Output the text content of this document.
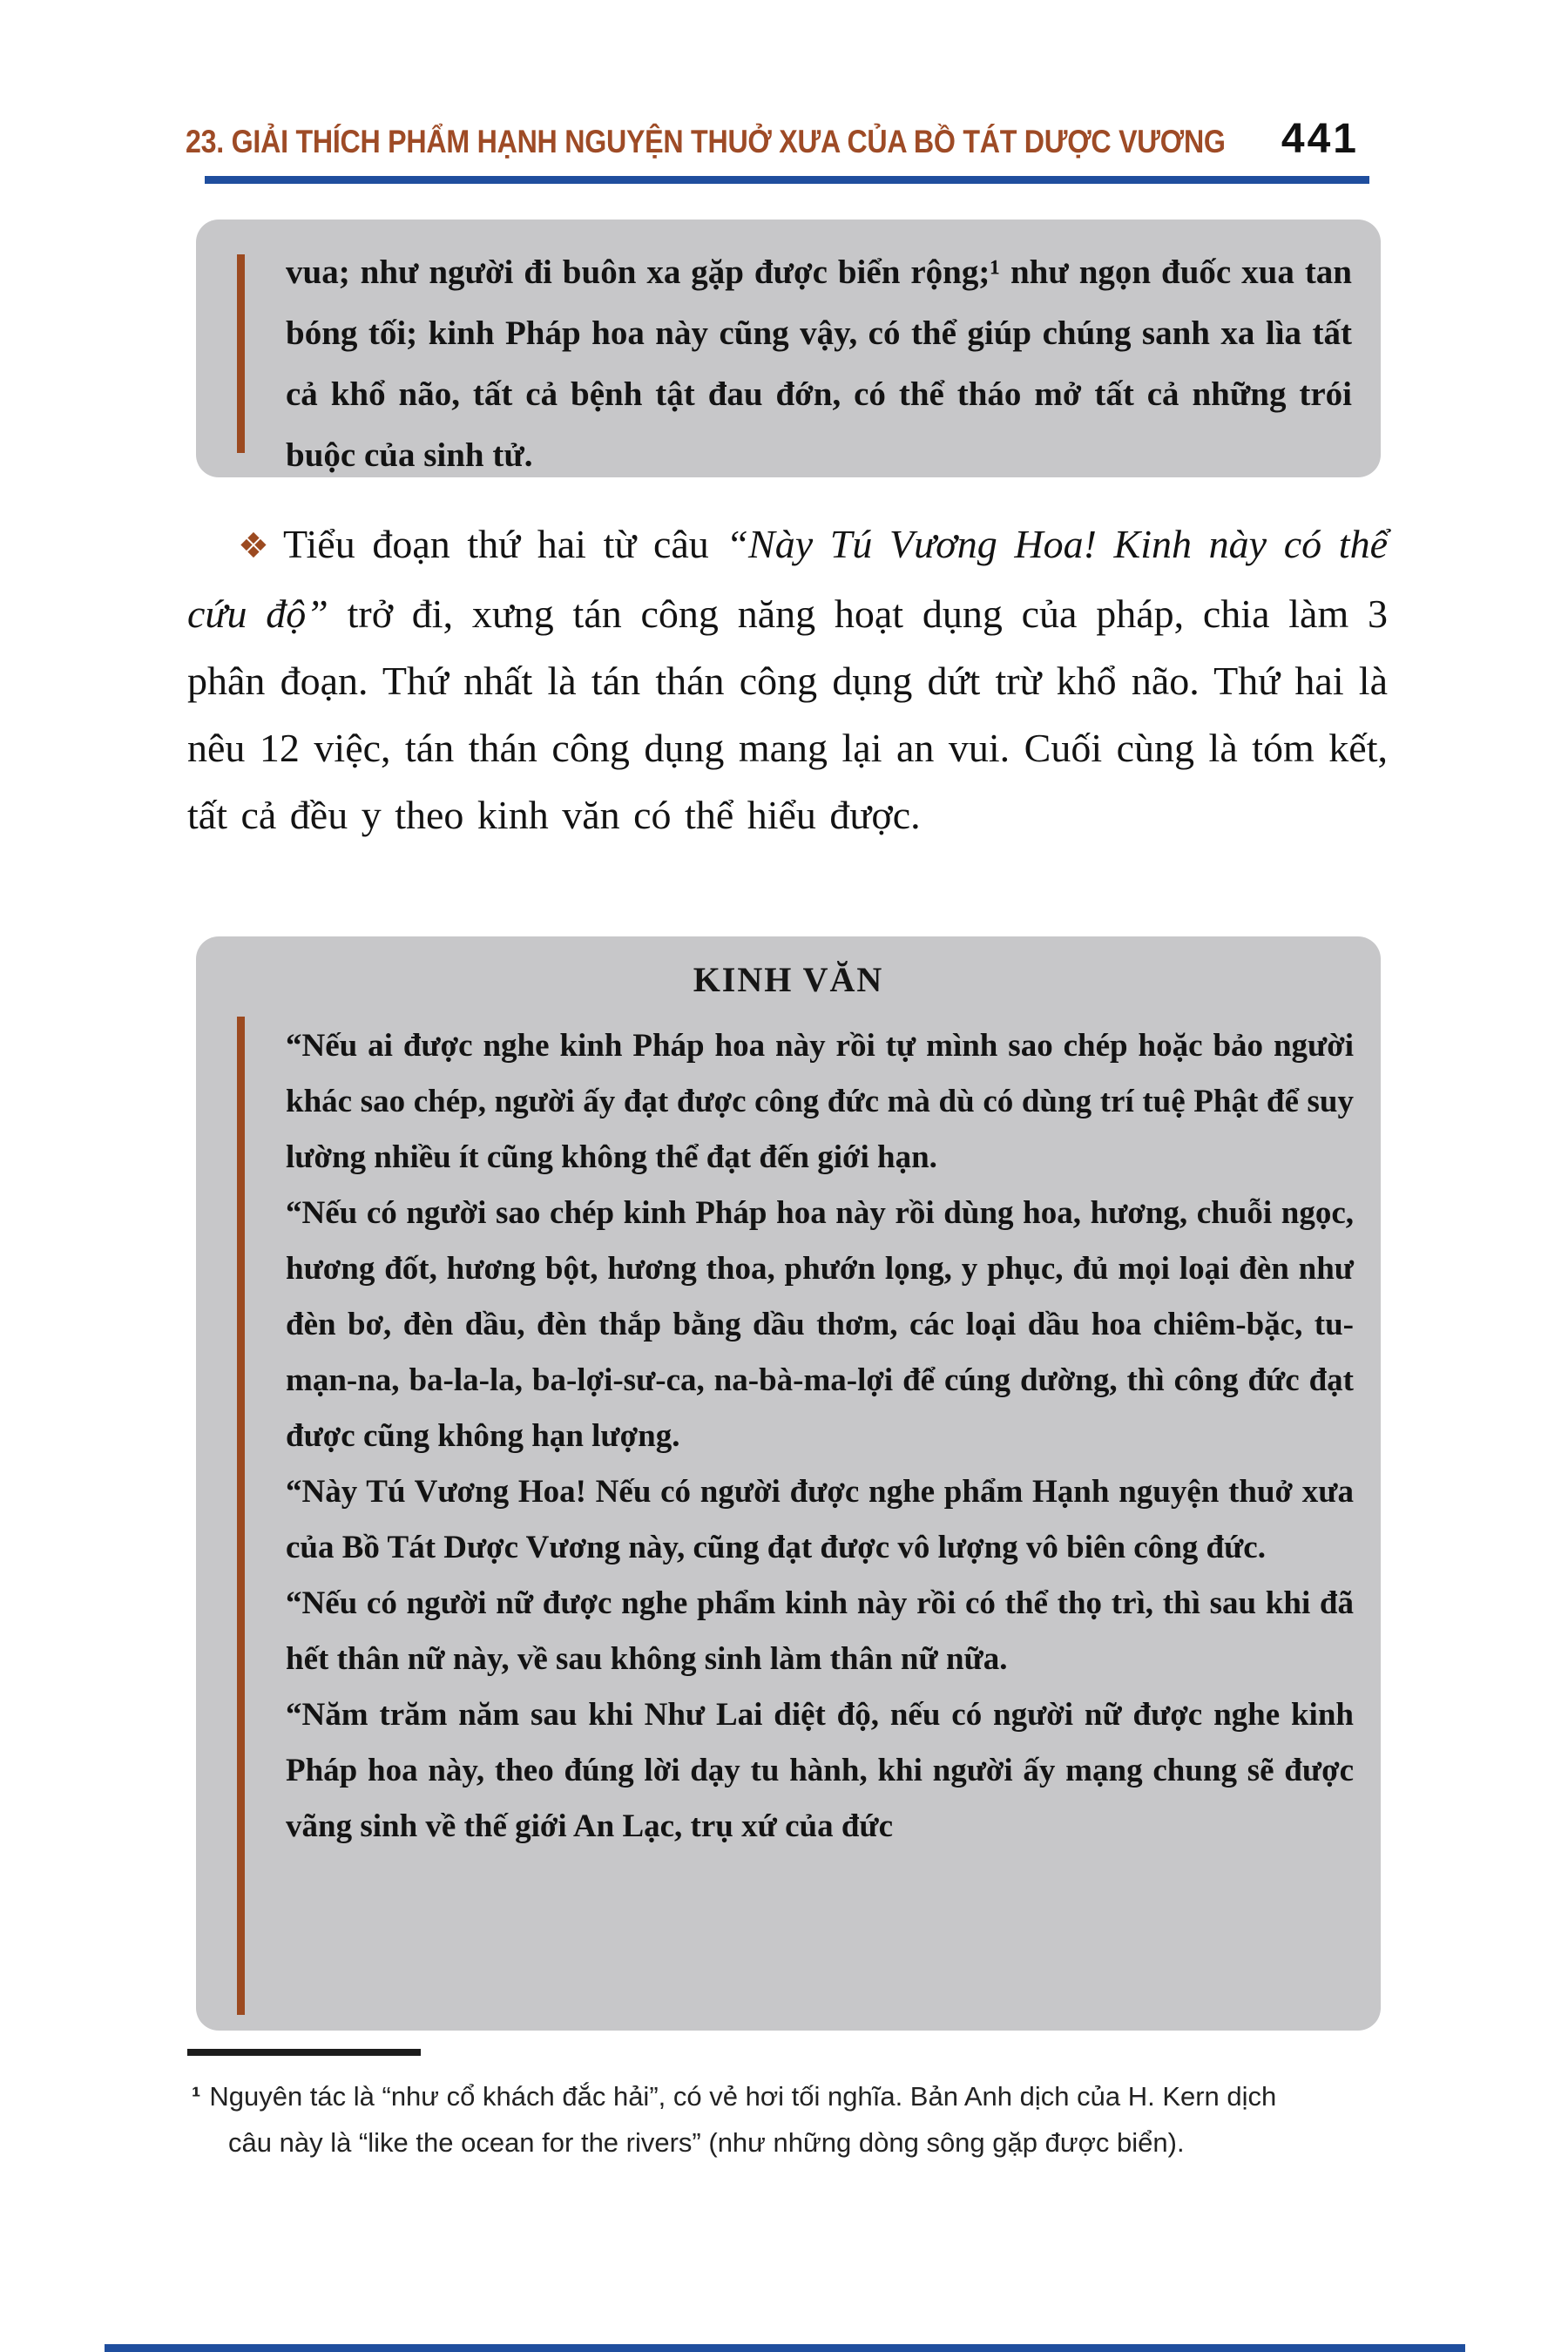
23. GIẢI THÍCH PHẨM HẠNH NGUYỆN THUỞ XƯA CỦA BỒ TÁT DƯỢC VƯƠNG	441

vua; như người đi buôn xa gặp được biển rộng;¹ như ngọn đuốc xua tan bóng tối; kinh Pháp hoa này cũng vậy, có thể giúp chúng sanh xa lìa tất cả khổ não, tất cả bệnh tật đau đớn, có thể tháo mở tất cả những trói buộc của sinh tử.

❖ Tiểu đoạn thứ hai từ câu “Này Tú Vương Hoa! Kinh này có thể cứu độ” trở đi, xưng tán công năng hoạt dụng của pháp, chia làm 3 phân đoạn. Thứ nhất là tán thán công dụng dứt trừ khổ não. Thứ hai là nêu 12 việc, tán thán công dụng mang lại an vui. Cuối cùng là tóm kết, tất cả đều y theo kinh văn có thể hiểu được.

KINH VĂN

“Nếu ai được nghe kinh Pháp hoa này rồi tự mình sao chép hoặc bảo người khác sao chép, người ấy đạt được công đức mà dù có dùng trí tuệ Phật để suy lường nhiều ít cũng không thể đạt đến giới hạn.

“Nếu có người sao chép kinh Pháp hoa này rồi dùng hoa, hương, chuỗi ngọc, hương đốt, hương bột, hương thoa, phướn lọng, y phục, đủ mọi loại đèn như đèn bơ, đèn dầu, đèn thắp bằng dầu thơm, các loại dầu hoa chiêm-bặc, tu-mạn-na, ba-la-la, ba-lợi-sư-ca, na-bà-ma-lợi để cúng dường, thì công đức đạt được cũng không hạn lượng.

“Này Tú Vương Hoa! Nếu có người được nghe phẩm Hạnh nguyện thuở xưa của Bồ Tát Dược Vương này, cũng đạt được vô lượng vô biên công đức.

“Nếu có người nữ được nghe phẩm kinh này rồi có thể thọ trì, thì sau khi đã hết thân nữ này, về sau không sinh làm thân nữ nữa.

“Năm trăm năm sau khi Như Lai diệt độ, nếu có người nữ được nghe kinh Pháp hoa này, theo đúng lời dạy tu hành, khi người ấy mạng chung sẽ được vãng sinh về thế giới An Lạc, trụ xứ của đức

¹ Nguyên tác là “như cổ khách đắc hải”, có vẻ hơi tối nghĩa. Bản Anh dịch của H. Kern dịch câu này là “like the ocean for the rivers” (như những dòng sông gặp được biển).
